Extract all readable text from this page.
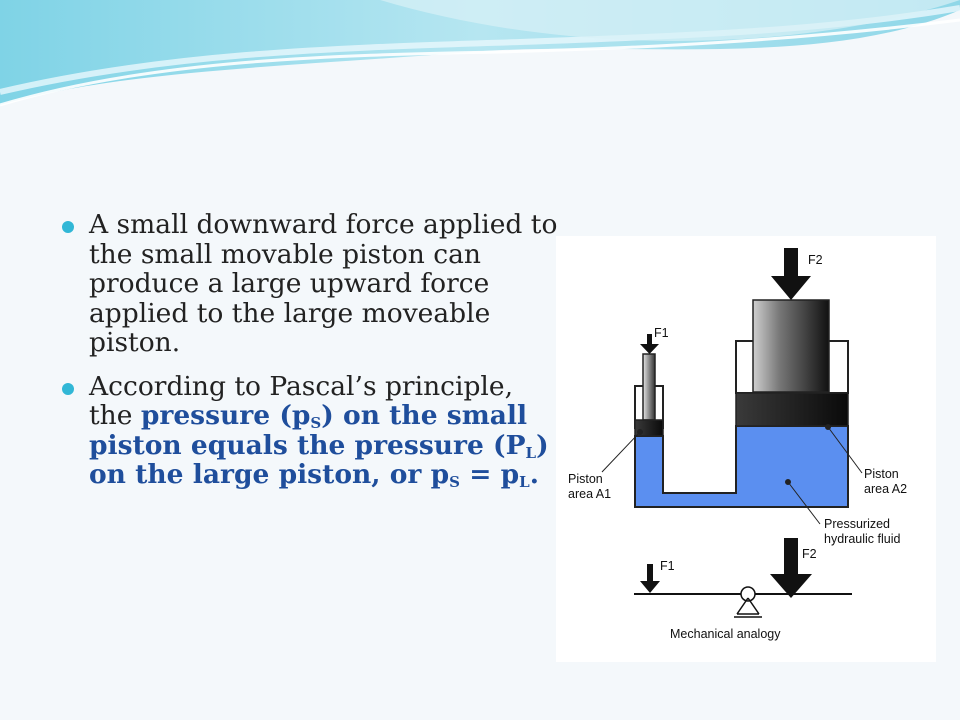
A small downward force applied to the small movable piston can produce a large upward force applied to the large moveable piston.
According to Pascal’s principle, the pressure $(p_S)$ on the small piston equals the pressure $(P_L)$ on the large piston, or $p_S = p_L$.
F2
F1
Piston
area A1
Piston
area A2
Pressurized
hydraulic fluid
F1
F2
Mechanical analogy
